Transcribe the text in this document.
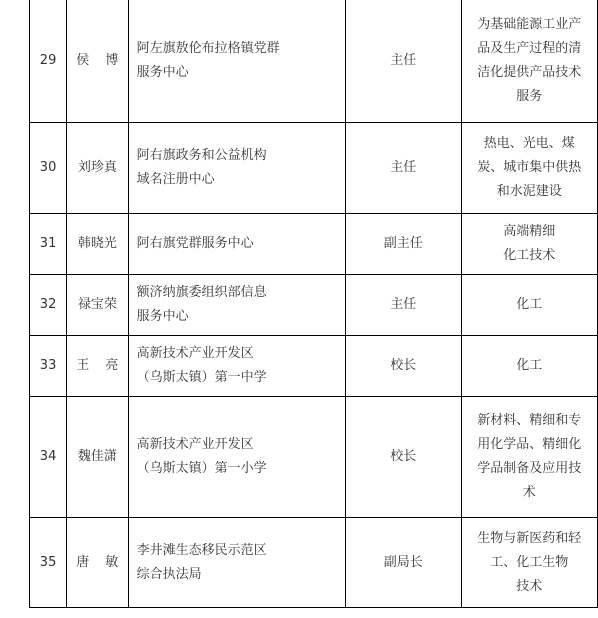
29	侯 博	阿左旗敖伦布拉格镇党群
服务中心	主任	为基础能源工业产
品及生产过程的清
洁化提供产品技术
服务

30	刘珍真	阿右旗政务和公益机构
域名注册中心	主任	热电、光电、煤
炭、城市集中供热
和水泥建设

31	韩晓光	阿右旗党群服务中心	副主任	高端精细
化工技术

32	禄宝荣	额济纳旗委组织部信息
服务中心	主任	化工

33	王 亮	高新技术产业开发区
（乌斯太镇）第一中学	校长	化工

34	魏佳潇	高新技术产业开发区
（乌斯太镇）第一小学	校长	新材料、精细和专
用化学品、精细化
学品制备及应用技
术

35	唐 敏	李井滩生态移民示范区
综合执法局	副局长	生物与新医药和轻
工、化工生物
技术
